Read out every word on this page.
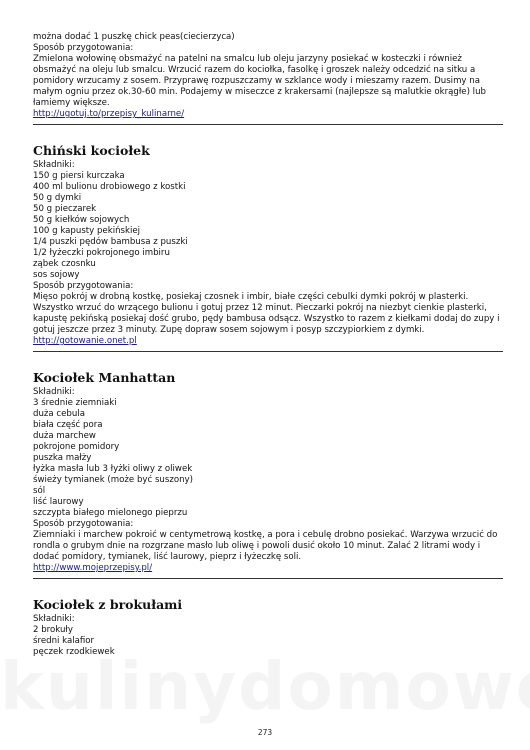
można dodać 1 puszkę chick peas(ciecierzyca)
Sposób przygotowania:
Zmielona wołowinę obsmażyć na patelni na smalcu lub oleju jarzyny posiekać w kosteczki i również obsmażyć na oleju lub smalcu. Wrzucić razem do kociołka, fasolkę i groszek należy odcedzić na sitku a pomidory wrzucamy z sosem. Przyprawę rozpuszczamy w szklance wody i mieszamy razem. Dusimy na małym ogniu przez ok.30-60 min. Podajemy w miseczce z krakersami (najlepsze są malutkie okrągłe) lub łamiemy większe.
http://ugotuj.to/przepisy_kulinarne/
Chiński kociołek
Składniki:
150 g piersi kurczaka
400 ml bulionu drobiowego z kostki
50 g dymki
50 g pieczarek
50 g kiełków sojowych
100 g kapusty pekińskiej
1/4 puszki pędów bambusa z puszki
1/2 łyżeczki pokrojonego imbiru
ząbek czosnku
sos sojowy
Sposób przygotowania:
Mięso pokrój w drobną kostkę, posiekaj czosnek i imbir, białe części cebulki dymki pokrój w plasterki. Wszystko wrzuć do wrzącego bulionu i gotuj przez 12 minut. Pieczarki pokrój na niezbyt cienkie plasterki, kapustę pekińską posiekaj dość grubo, pędy bambusa odsącz. Wszystko to razem z kiełkami dodaj do zupy i gotuj jeszcze przez 3 minuty. Zupę dopraw sosem sojowym i posyp szczypiorkiem z dymki.
http://gotowanie.onet.pl
Kociołek Manhattan
Składniki:
3 średnie ziemniaki
duża cebula
biała część pora
duża marchew
pokrojone pomidory
puszka małży
łyżka masła lub 3 łyżki oliwy z oliwek
świeży tymianek (może być suszony)
sól
liść laurowy
szczypta białego mielonego pieprzu
Sposób przygotowania:
Ziemniaki i marchew pokroić w centymetrową kostkę, a pora i cebulę drobno posiekać. Warzywa wrzucić do rondla o grubym dnie na rozgrzane masło lub oliwę i powoli dusić około 10 minut. Zalać 2 litrami wody i dodać pomidory, tymianek, liść laurowy, pieprz i łyżeczkę soli.
http://www.mojeprzepisy.pl/
Kociołek z brokułami
Składniki:
2 brokuły
średni kalafior
pęczek rzodkiewek
273
